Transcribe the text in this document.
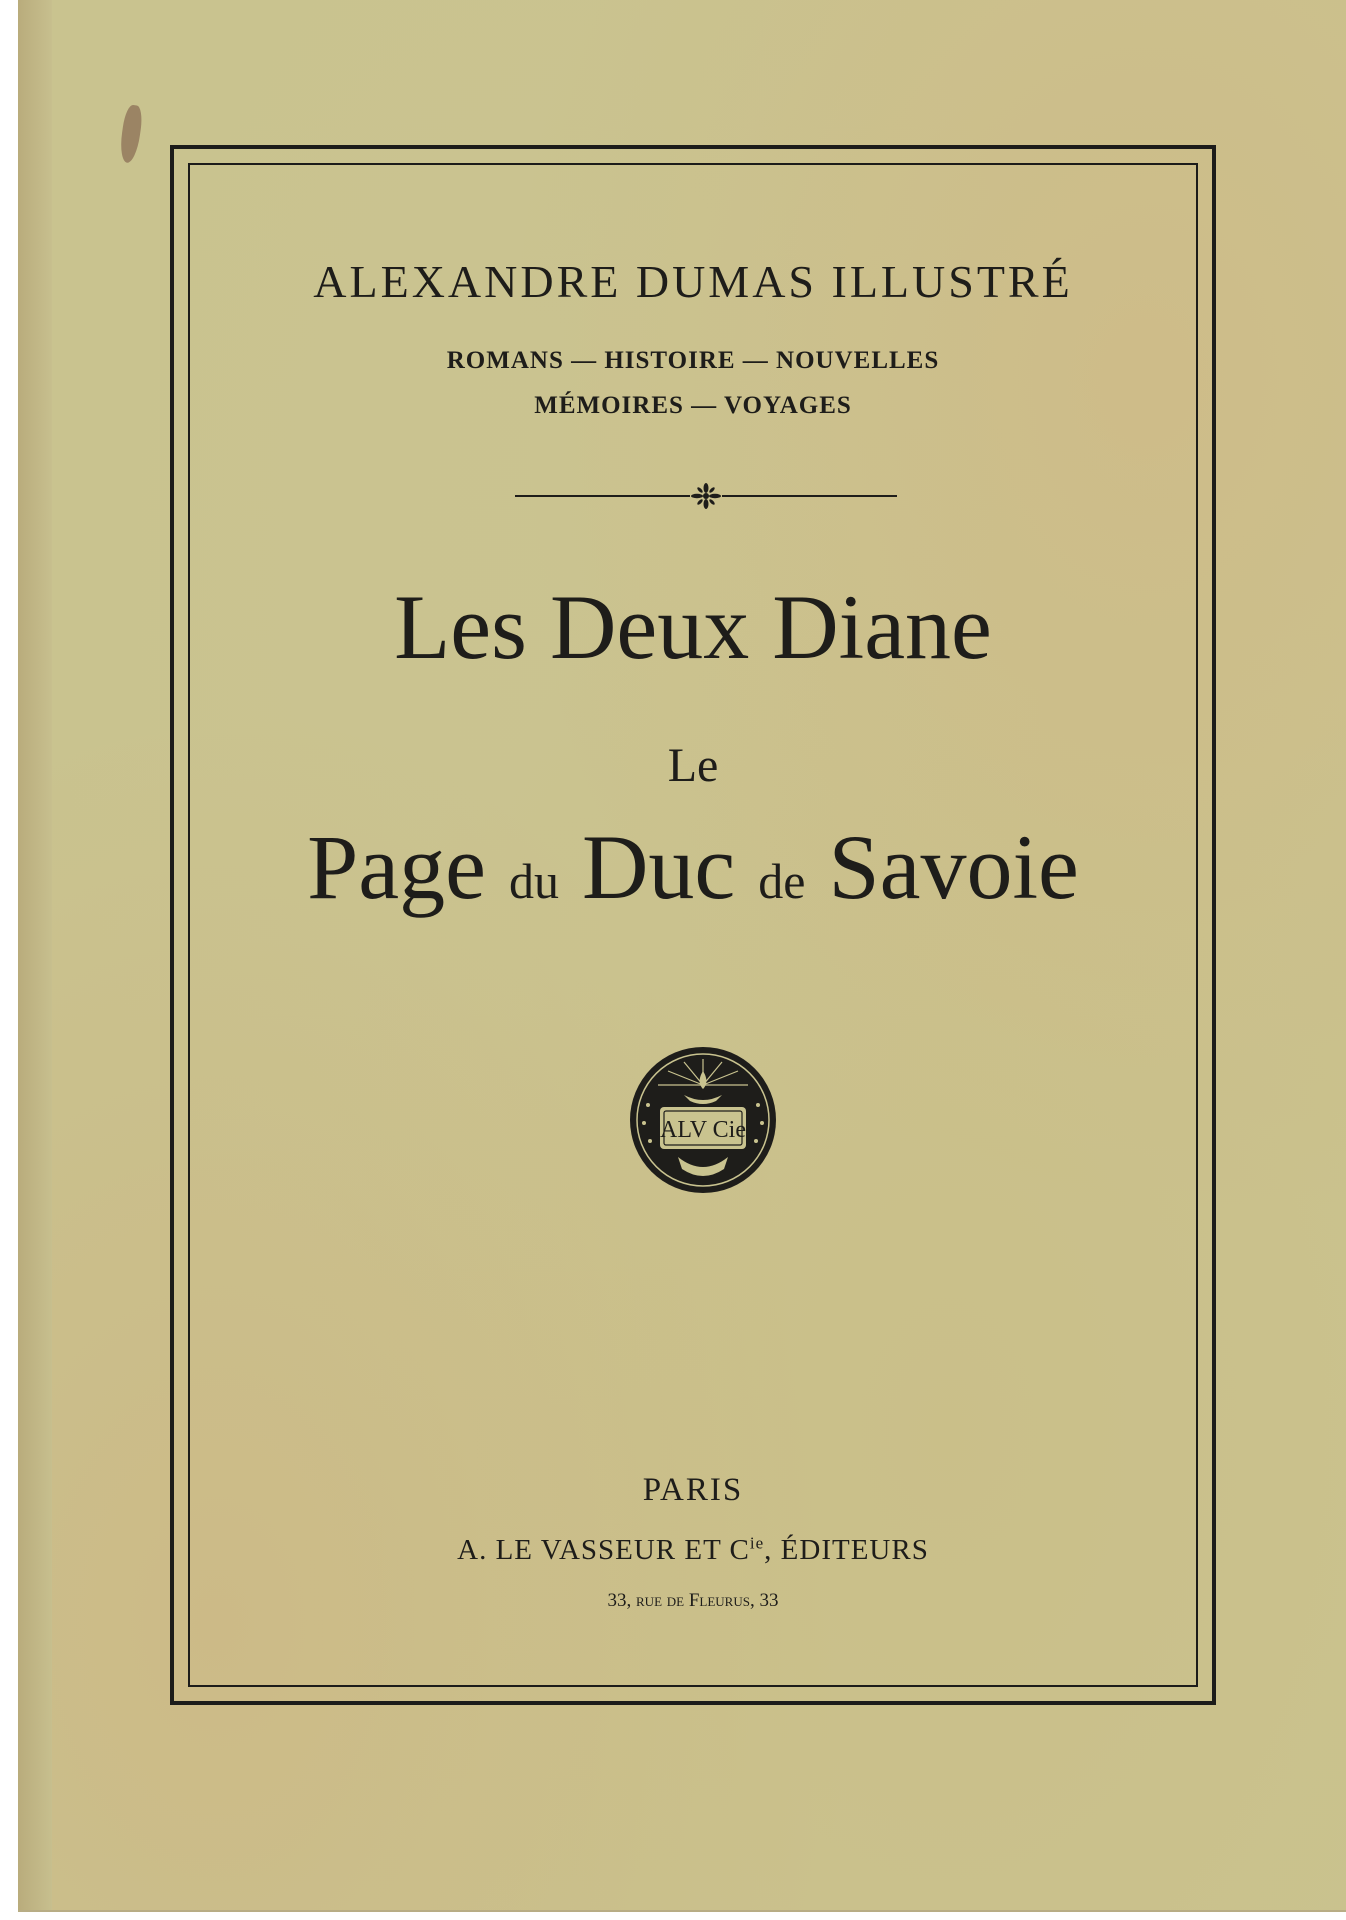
ALEXANDRE DUMAS ILLUSTRÉ
ROMANS — HISTOIRE — NOUVELLES
MÉMOIRES — VOYAGES
Les Deux Diane
Le
Page du Duc de Savoie
ALV Cie
PARIS
A. LE VASSEUR ET $C^{ie}$, ÉDITEURS
33, rue de Fleurus, 33
